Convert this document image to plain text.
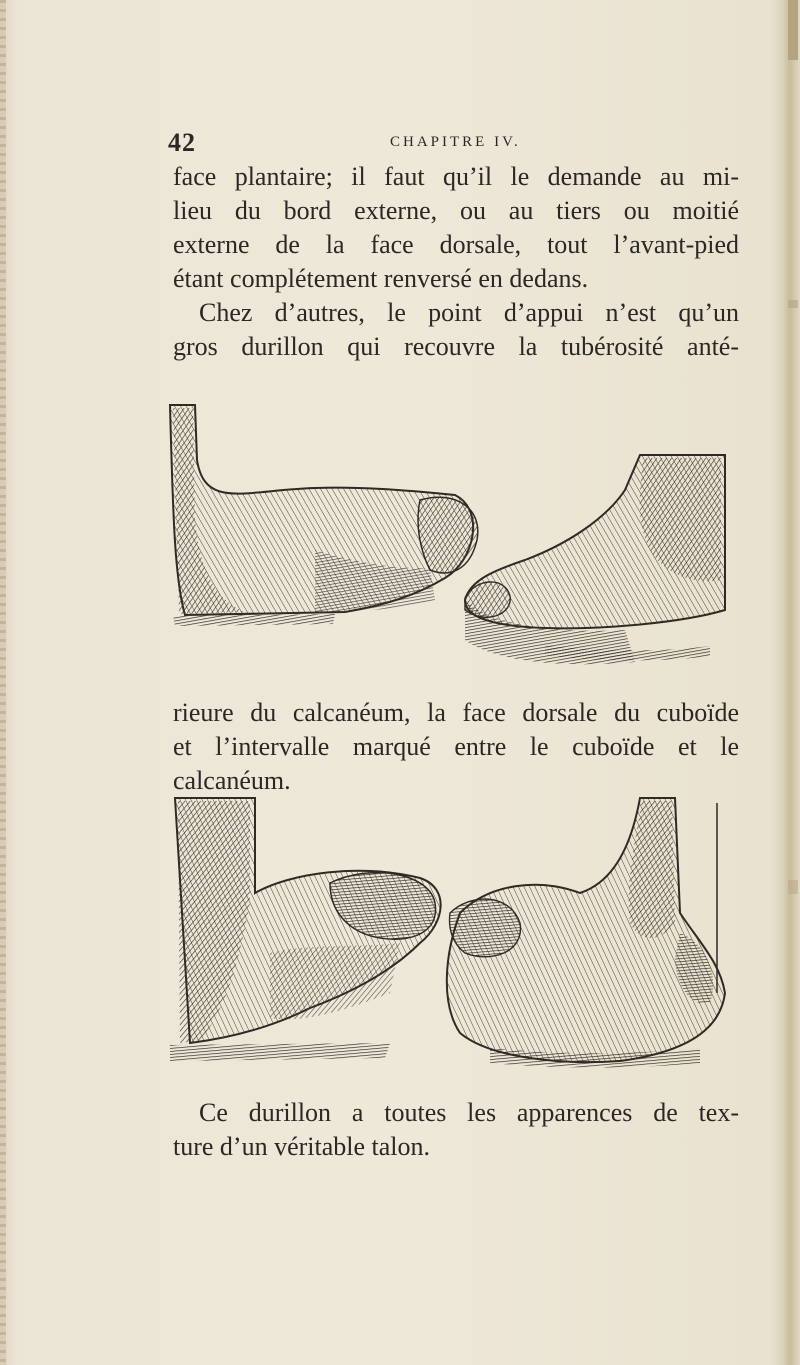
42	CHAPITRE IV.
face plantaire; il faut qu’il le demande au mi-
lieu du bord externe, ou au tiers ou moitié
externe de la face dorsale, tout l’avant-pied
étant complétement renversé en dedans.
Chez d’autres, le point d’appui n’est qu’un
gros durillon qui recouvre la tubérosité anté-
rieure du calcanéum, la face dorsale du cuboïde
et l’intervalle marqué entre le cuboïde et le
calcanéum.
Ce durillon a toutes les apparences de tex-
ture d’un véritable talon.
